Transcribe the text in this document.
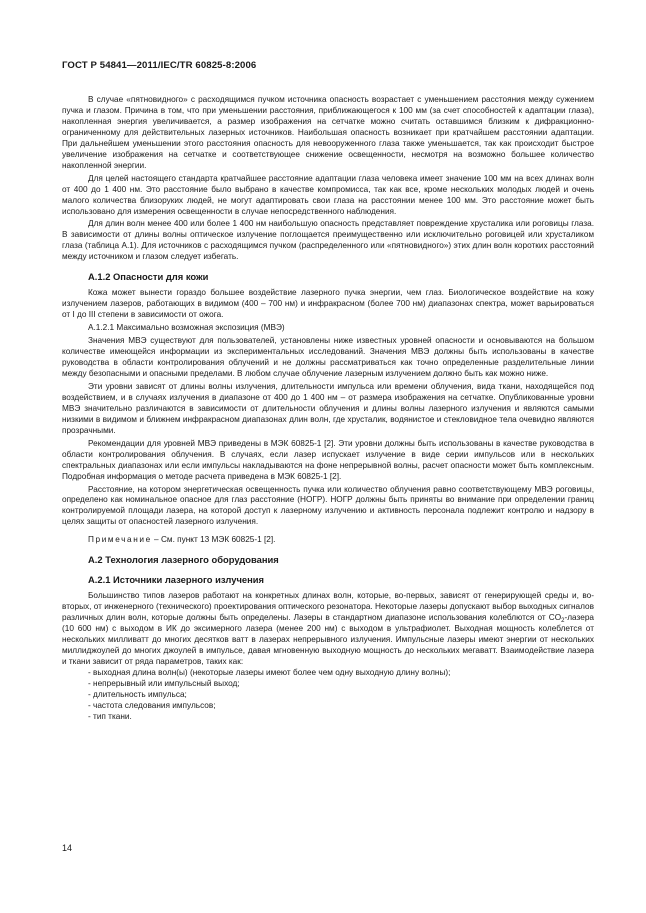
ГОСТ Р 54841—2011/IEC/TR 60825-8:2006

В случае «пятновидного» с расходящимся пучком источника опасность возрастает с уменьшением расстояния между сужением пучка и глазом. Причина в том, что при уменьшении расстояния, приближающегося к 100 мм (за счет способностей к адаптации глаза), накопленная энергия увеличивается, а размер изображения на сетчатке можно считать оставшимся близким к дифракционно-ограниченному для действительных лазерных источников. Наибольшая опасность возникает при кратчайшем расстоянии адаптации. При дальнейшем уменьшении этого расстояния опасность для невооруженного глаза также уменьшается, так как происходит быстрое увеличение изображения на сетчатке и соответствующее снижение освещенности, несмотря на возможно большее количество накопленной энергии.

Для целей настоящего стандарта кратчайшее расстояние адаптации глаза человека имеет значение 100 мм на всех длинах волн от 400 до 1 400 нм. Это расстояние было выбрано в качестве компромисса, так как все, кроме нескольких молодых людей и очень малого количества близоруких людей, не могут адаптировать свои глаза на расстоянии менее 100 мм. Это расстояние может быть использовано для измерения освещенности в случае непосредственного наблюдения.

Для длин волн менее 400 или более 1 400 нм наибольшую опасность представляет повреждение хрусталика или роговицы глаза. В зависимости от длины волны оптическое излучение поглощается преимущественно или исключительно роговицей или хрусталиком глаза (таблица А.1). Для источников с расходящимся пучком (распределенного или «пятновидного») этих длин волн коротких расстояний между источником и глазом следует избегать.

А.1.2 Опасности для кожи

Кожа может вынести гораздо большее воздействие лазерного пучка энергии, чем глаз. Биологическое воздействие на кожу излучением лазеров, работающих в видимом (400 – 700 нм) и инфракрасном (более 700 нм) диапазонах спектра, может варьироваться от I до III степени в зависимости от ожога.

А.1.2.1 Максимально возможная экспозиция (МВЭ)

Значения МВЭ существуют для пользователей, установлены ниже известных уровней опасности и основываются на большом количестве имеющейся информации из экспериментальных исследований. Значения МВЭ должны быть использованы в качестве руководства в области контролирования облучений и не должны рассматриваться как точно определенные разделительные линии между безопасными и опасными пределами. В любом случае облучение лазерным излучением должно быть как можно ниже.

Эти уровни зависят от длины волны излучения, длительности импульса или времени облучения, вида ткани, находящейся под воздействием, и в случаях излучения в диапазоне от 400 до 1 400 нм – от размера изображения на сетчатке. Опубликованные уровни МВЭ значительно различаются в зависимости от длительности облучения и длины волны лазерного излучения и являются самыми низкими в видимом и ближнем инфракрасном диапазонах длин волн, где хрусталик, водянистое и стекловидное тела очевидно являются прозрачными.

Рекомендации для уровней МВЭ приведены в МЭК 60825-1 [2]. Эти уровни должны быть использованы в качестве руководства в области контролирования облучения. В случаях, если лазер испускает излучение в виде серии импульсов или в нескольких спектральных диапазонах или если импульсы накладываются на фоне непрерывной волны, расчет опасности может быть комплексным. Подробная информация о методе расчета приведена в МЭК 60825-1 [2].

Расстояние, на котором энергетическая освещенность пучка или количество облучения равно соответствующему МВЭ роговицы, определено как номинальное опасное для глаз расстояние (НОГР). НОГР должны быть приняты во внимание при определении границ контролируемой площади лазера, на которой доступ к лазерному излучению и активность персонала подлежит контролю и надзору в целях защиты от опасностей лазерного излучения.

Примечание – См. пункт 13 МЭК 60825-1 [2].

А.2 Технология лазерного оборудования
А.2.1 Источники лазерного излучения

Большинство типов лазеров работают на конкретных длинах волн, которые, во-первых, зависят от генерирующей среды и, во-вторых, от инженерного (технического) проектирования оптического резонатора. Некоторые лазеры допускают выбор выходных сигналов различных длин волн, которые должны быть определены. Лазеры в стандартном диапазоне использования колеблются от $CO_2$-лазера (10 600 нм) с выходом в ИК до эксимерного лазера (менее 200 нм) с выходом в ультрафиолет. Выходная мощность колеблется от нескольких милливатт до многих десятков ватт в лазерах непрерывного излучения. Импульсные лазеры имеют энергии от нескольких миллиджоулей до многих джоулей в импульсе, давая мгновенную выходную мощность до нескольких мегаватт. Взаимодействие лазера и ткани зависит от ряда параметров, таких как:

- выходная длина волн(ы) (некоторые лазеры имеют более чем одну выходную длину волны);
- непрерывный или импульсный выход;
- длительность импульса;
- частота следования импульсов;
- тип ткани.
14
